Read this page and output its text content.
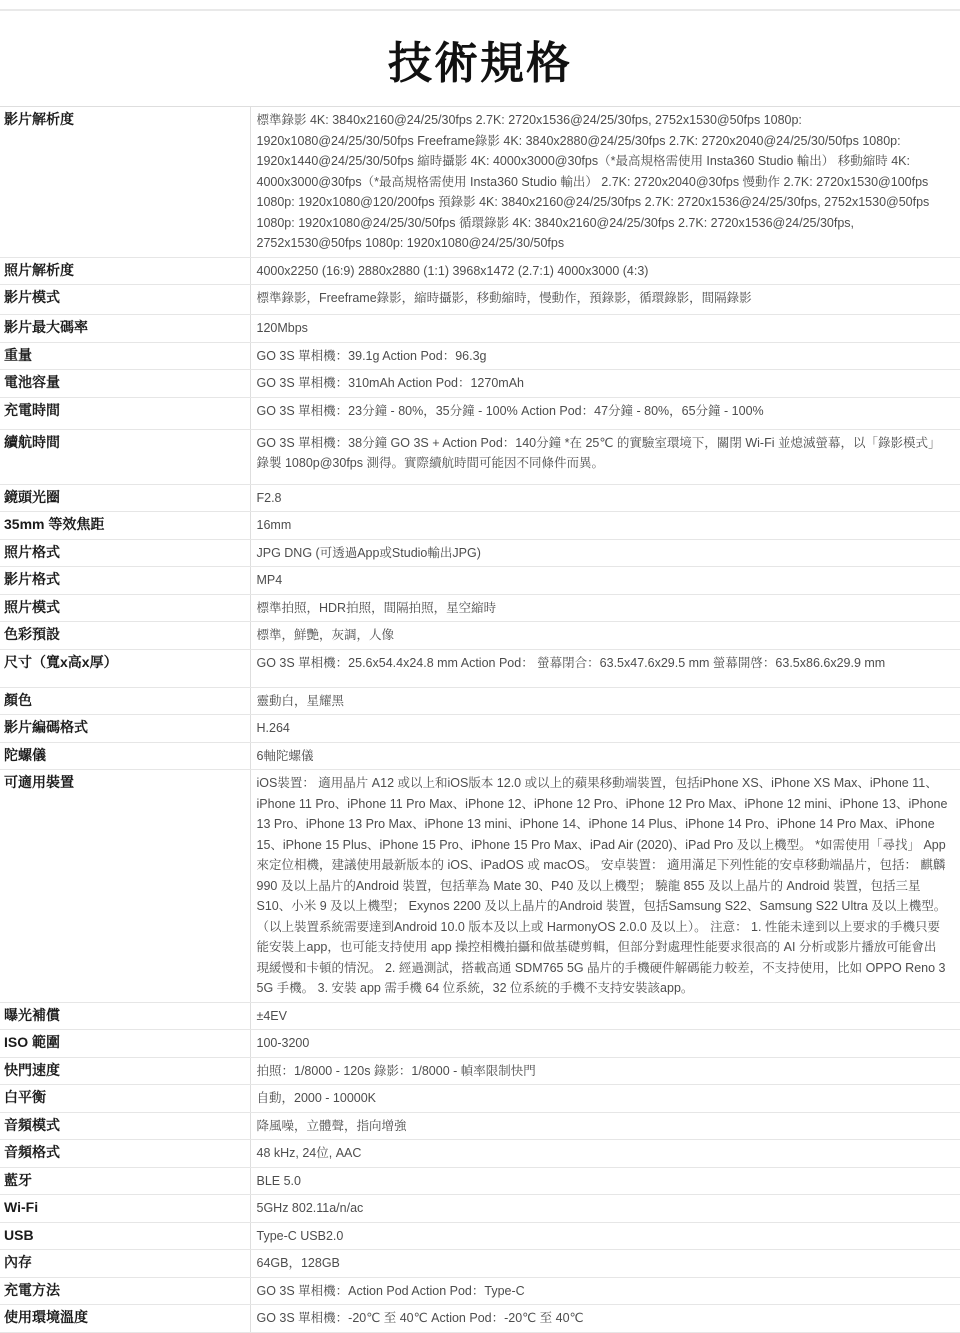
技術規格
影片解析度	標準錄影 4K: 3840x2160@24/25/30fps 2.7K: 2720x1536@24/25/30fps, 2752x1530@50fps 1080p: 1920x1080@24/25/30/50fps Freeframe錄影 4K: 3840x2880@24/25/30fps 2.7K: 2720x2040@24/25/30/50fps 1080p: 1920x1440@24/25/30/50fps 縮時攝影 4K: 4000x3000@30fps（*最高規格需使用 Insta360 Studio 輸出） 移動縮時 4K: 4000x3000@30fps（*最高規格需使用 Insta360 Studio 輸出） 2.7K: 2720x2040@30fps 慢動作 2.7K: 2720x1530@100fps 1080p: 1920x1080@120/200fps 預錄影 4K: 3840x2160@24/25/30fps 2.7K: 2720x1536@24/25/30fps, 2752x1530@50fps 1080p: 1920x1080@24/25/30/50fps 循環錄影 4K: 3840x2160@24/25/30fps 2.7K: 2720x1536@24/25/30fps, 2752x1530@50fps 1080p: 1920x1080@24/25/30/50fps
照片解析度	4000x2250 (16:9) 2880x2880 (1:1) 3968x1472 (2.7:1) 4000x3000 (4:3)
影片模式	標準錄影，Freeframe錄影，縮時攝影，移動縮時，慢動作，預錄影，循環錄影，間隔錄影
影片最大碼率	120Mbps
重量	GO 3S 單相機：39.1g Action Pod：96.3g
電池容量	GO 3S 單相機：310mAh Action Pod：1270mAh
充電時間	GO 3S 單相機：23分鐘 - 80%，35分鐘 - 100% Action Pod：47分鐘 - 80%，65分鐘 - 100%
續航時間	GO 3S 單相機：38分鐘 GO 3S + Action Pod：140分鐘 *在 25℃ 的實驗室環境下，關閉 Wi-Fi 並熄滅螢幕，以「錄影模式」錄製 1080p@30fps 測得。實際續航時間可能因不同條件而異。
鏡頭光圈	F2.8
35mm 等效焦距	16mm
照片格式	JPG DNG (可透過App或Studio輸出JPG)
影片格式	MP4
照片模式	標準拍照，HDR拍照，間隔拍照，星空縮時
色彩預設	標準，鮮艷，灰調，人像
尺寸（寬x高x厚）	GO 3S 單相機：25.6x54.4x24.8 mm Action Pod： 螢幕閉合：63.5x47.6x29.5 mm 螢幕開啓：63.5x86.6x29.9 mm
顏色	靈動白，星耀黑
影片編碼格式	H.264
陀螺儀	6軸陀螺儀
可適用裝置	iOS裝置： 適用晶片 A12 或以上和iOS版本 12.0 或以上的蘋果移動端裝置，包括iPhone XS、iPhone XS Max、iPhone 11、iPhone 11 Pro、iPhone 11 Pro Max、iPhone 12、iPhone 12 Pro、iPhone 12 Pro Max、iPhone 12 mini、iPhone 13、iPhone 13 Pro、iPhone 13 Pro Max、iPhone 13 mini、iPhone 14、iPhone 14 Plus、iPhone 14 Pro、iPhone 14 Pro Max、iPhone 15、iPhone 15 Plus、iPhone 15 Pro、iPhone 15 Pro Max、iPad Air (2020)、iPad Pro 及以上機型。 *如需使用「尋找」 App 來定位相機，建議使用最新版本的 iOS、iPadOS 或 macOS。 安卓裝置： 適用滿足下列性能的安卓移動端晶片，包括： 麒麟 990 及以上晶片的Android 裝置，包括華為 Mate 30、P40 及以上機型； 驍龍 855 及以上晶片的 Android 裝置，包括三星 S10、小米 9 及以上機型； Exynos 2200 及以上晶片的Android 裝置，包括Samsung S22、Samsung S22 Ultra 及以上機型。（以上裝置系統需要達到Android 10.0 版本及以上或 HarmonyOS 2.0.0 及以上）。 注意： 1. 性能未達到以上要求的手機只要能安裝上app，也可能支持使用 app 操控相機拍攝和做基礎剪輯，但部分對處理性能要求很高的 AI 分析或影片播放可能會出現緩慢和卡頓的情況。 2. 經過測試，搭載高通 SDM765 5G 晶片的手機硬件解碼能力較差，不支持使用，比如 OPPO Reno 3 5G 手機。 3. 安裝 app 需手機 64 位系統，32 位系統的手機不支持安裝該app。
曝光補償	±4EV
ISO 範圍	100-3200
快門速度	拍照：1/8000 - 120s 錄影：1/8000 - 幀率限制快門
白平衡	自動，2000 - 10000K
音頻模式	降風噪，立體聲，指向增強
音頻格式	48 kHz, 24位, AAC
藍牙	BLE 5.0
Wi-Fi	5GHz 802.11a/n/ac
USB	Type-C USB2.0
內存	64GB，128GB
充電方法	GO 3S 單相機：Action Pod Action Pod：Type-C
使用環境溫度	GO 3S 單相機：-20℃ 至 40℃ Action Pod：-20℃ 至 40℃
